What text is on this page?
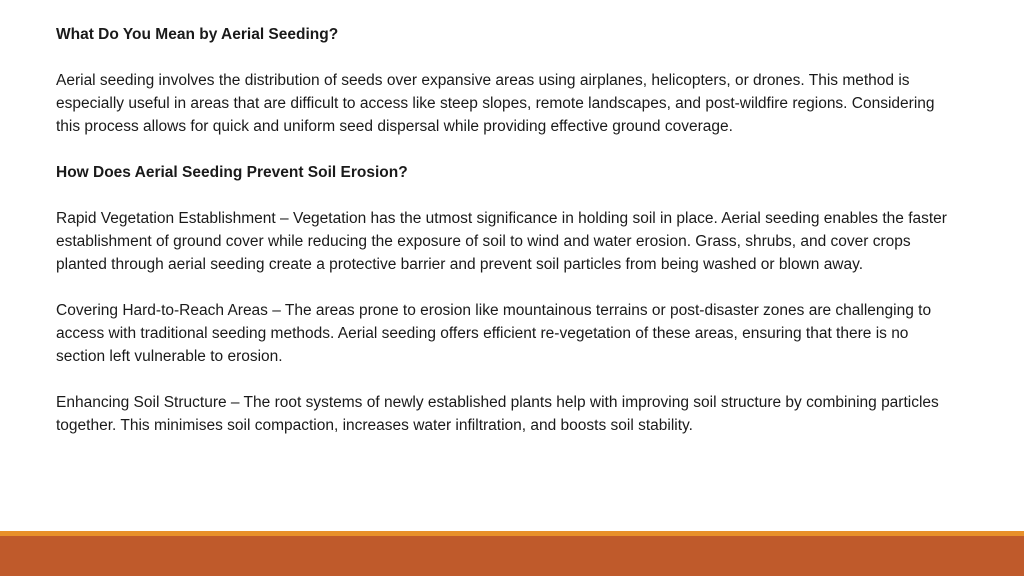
What Do You Mean by Aerial Seeding?

Aerial seeding involves the distribution of seeds over expansive areas using airplanes, helicopters, or drones. This method is especially useful in areas that are difficult to access like steep slopes, remote landscapes, and post-wildfire regions. Considering this process allows for quick and uniform seed dispersal while providing effective ground coverage.

How Does Aerial Seeding Prevent Soil Erosion?

Rapid Vegetation Establishment – Vegetation has the utmost significance in holding soil in place. Aerial seeding enables the faster establishment of ground cover while reducing the exposure of soil to wind and water erosion. Grass, shrubs, and cover crops planted through aerial seeding create a protective barrier and prevent soil particles from being washed or blown away.

Covering Hard-to-Reach Areas – The areas prone to erosion like mountainous terrains or post-disaster zones are challenging to access with traditional seeding methods. Aerial seeding offers efficient re-vegetation of these areas, ensuring that there is no section left vulnerable to erosion.

Enhancing Soil Structure – The root systems of newly established plants help with improving soil structure by combining particles together. This minimises soil compaction, increases water infiltration, and boosts soil stability.
